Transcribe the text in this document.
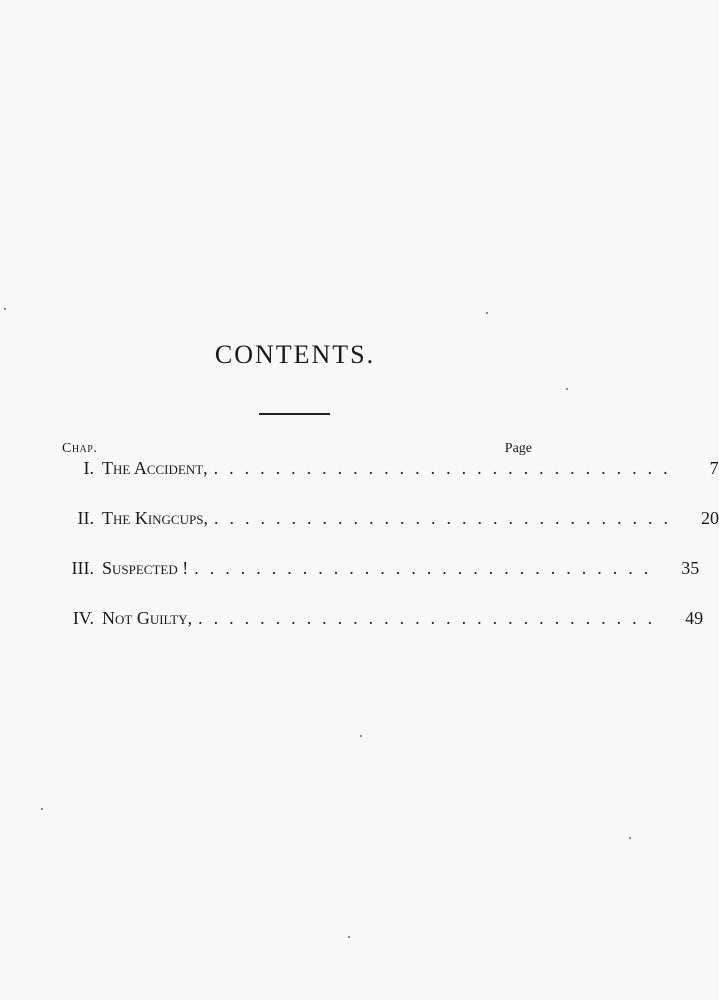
CONTENTS.
Chap.	Page
I. The Accident, ..............................	7
II. The Kingcups, ..............................	20
III. Suspected ! ..............................	35
IV. Not Guilty, ..............................	49
